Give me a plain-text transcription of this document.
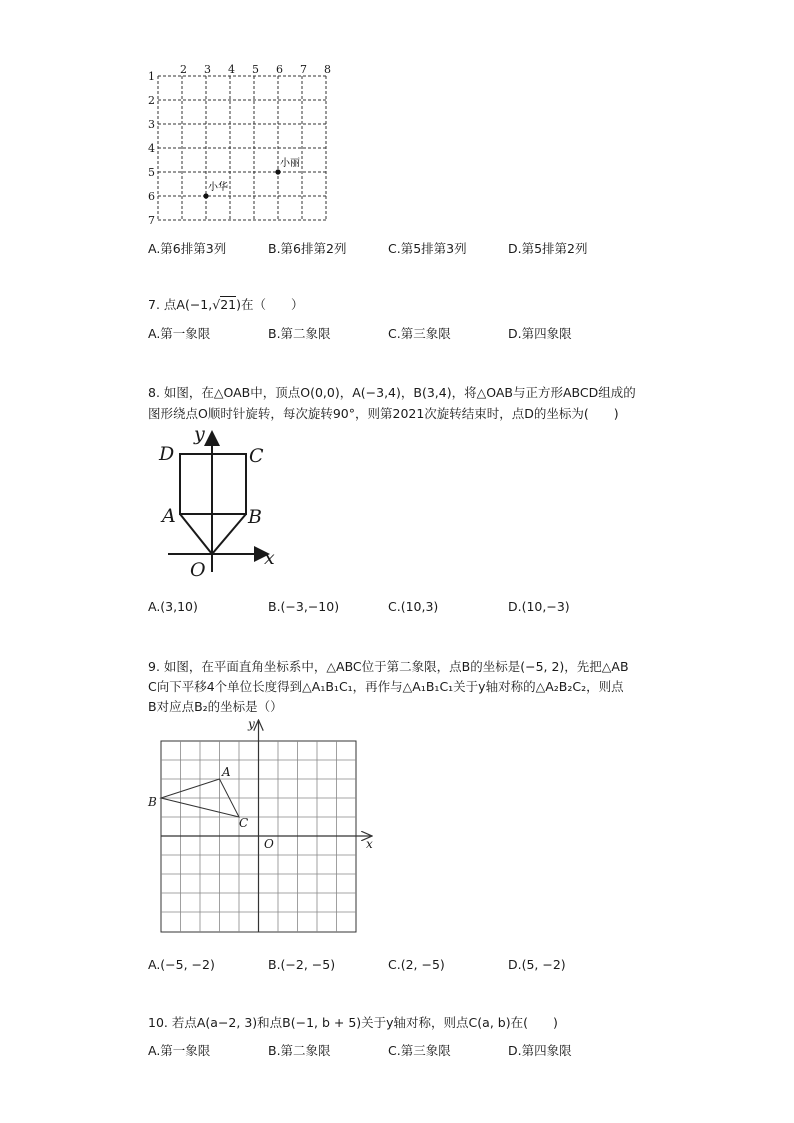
2 3 4 5 6 7 8
1
2
3
4
5
6
7
小丽
小华
A.第6排第3列	B.第6排第2列	C.第5排第3列	D.第5排第2列
7. 点A(−1,√21)在（　　）
A.第一象限	B.第二象限	C.第三象限	D.第四象限
8. 如图，在△OAB中，顶点O(0,0)，A(−3,4)，B(3,4)，将△OAB与正方形ABCD组成的
图形绕点O顺时针旋转，每次旋转90°，则第2021次旋转结束时，点D的坐标为(　　)
y
x
O
A	B
C
D
A.(3,10)	B.(−3,−10)	C.(10,3)	D.(10,−3)
9. 如图，在平面直角坐标系中，△ABC位于第二象限，点B的坐标是(−5, 2)，先把△AB
C向下平移4个单位长度得到△A₁B₁C₁，再作与△A₁B₁C₁关于y轴对称的△A₂B₂C₂，则点
B对应点B₂的坐标是（）
y
x
O
A
B
C
A.(−5, −2)	B.(−2, −5)	C.(2, −5)	D.(5, −2)
10. 若点A(a−2, 3)和点B(−1, b + 5)关于y轴对称，则点C(a, b)在(　　)
A.第一象限	B.第二象限	C.第三象限	D.第四象限
